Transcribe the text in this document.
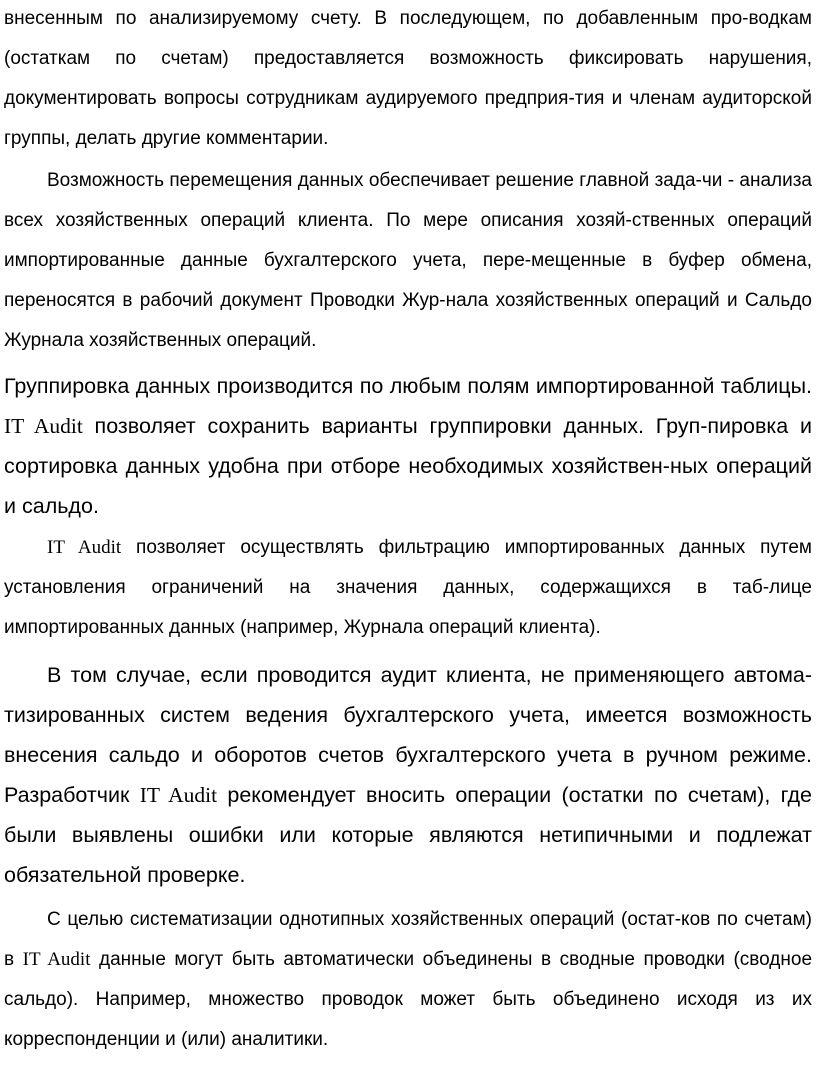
внесенным по анализируемому счету. В последующем, по добавленным про-водкам (остаткам по счетам) предоставляется возможность фиксировать нарушения, документировать вопросы сотрудникам аудируемого предприя-тия и членам аудиторской группы, делать другие комментарии.

Возможность перемещения данных обеспечивает решение главной зада-чи - анализа всех хозяйственных операций клиента. По мере описания хозяй-ственных операций импортированные данные бухгалтерского учета, пере-мещенные в буфер обмена, переносятся в рабочий документ Проводки Жур-нала хозяйственных операций и Сальдо Журнала хозяйственных операций.

Группировка данных производится по любым полям импортированной таблицы. IT Audit позволяет сохранить варианты группировки данных. Груп-пировка и сортировка данных удобна при отборе необходимых хозяйствен-ных операций и сальдо.

IT Audit позволяет осуществлять фильтрацию импортированных данных путем установления ограничений на значения данных, содержащихся в таб-лице импортированных данных (например, Журнала операций клиента).

В том случае, если проводится аудит клиента, не применяющего автома-тизированных систем ведения бухгалтерского учета, имеется возможность внесения сальдо и оборотов счетов бухгалтерского учета в ручном режиме. Разработчик IT Audit рекомендует вносить операции (остатки по счетам), где были выявлены ошибки или которые являются нетипичными и подлежат обязательной проверке.

С целью систематизации однотипных хозяйственных операций (остат-ков по счетам) в IT Audit данные могут быть автоматически объединены в сводные проводки (сводное сальдо). Например, множество проводок может быть объединено исходя из их корреспонденции и (или) аналитики.
